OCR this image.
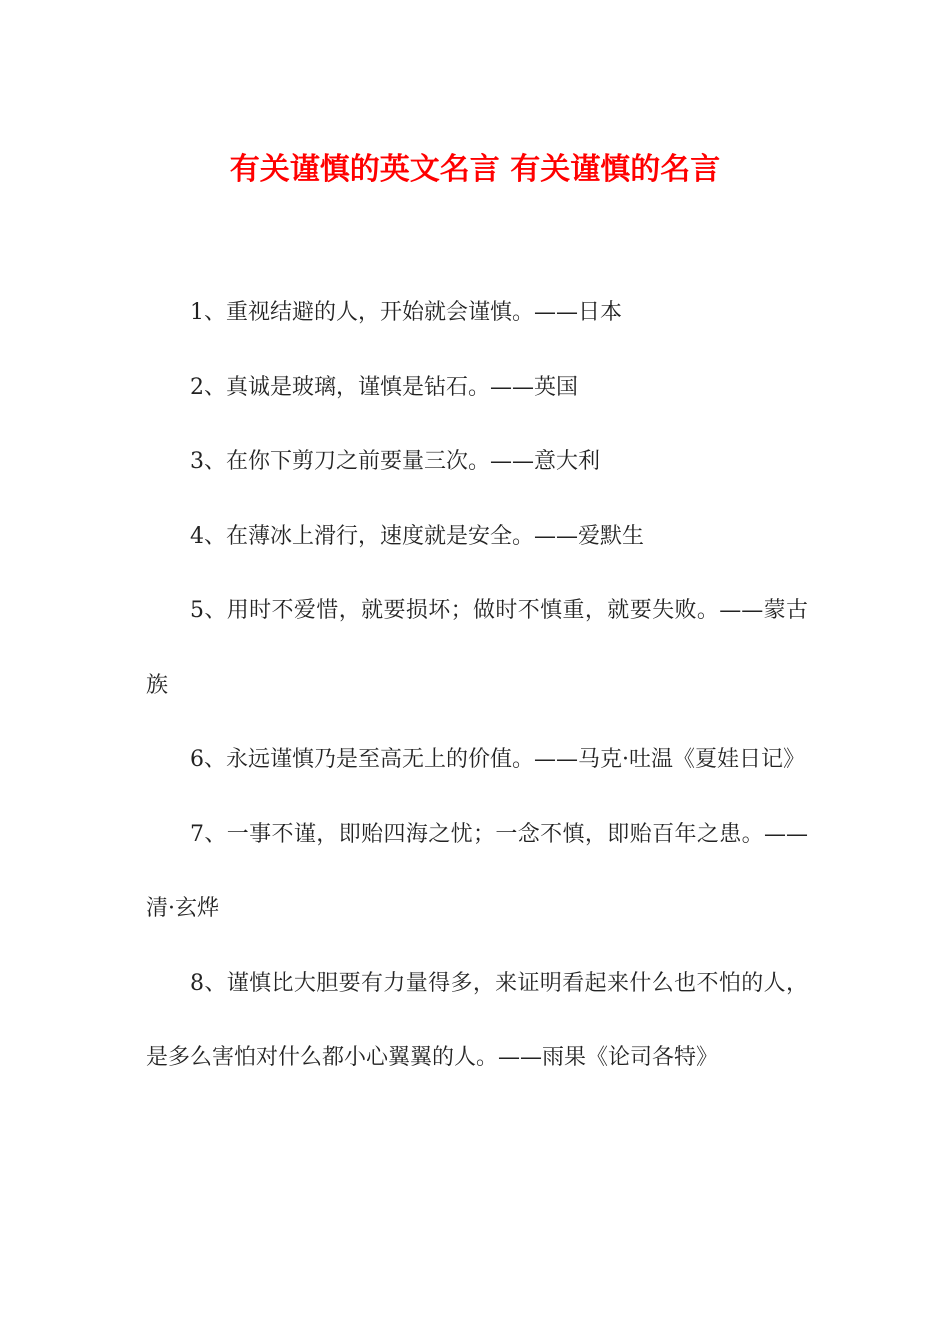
有关谨慎的英文名言 有关谨慎的名言

1、重视结避的人，开始就会谨慎。——日本

2、真诚是玻璃，谨慎是钻石。——英国

3、在你下剪刀之前要量三次。——意大利

4、在薄冰上滑行，速度就是安全。——爱默生

5、用时不爱惜，就要损坏；做时不慎重，就要失败。——蒙古族

6、永远谨慎乃是至高无上的价值。——马克·吐温《夏娃日记》

7、一事不谨，即贻四海之忧；一念不慎，即贻百年之患。——清·玄烨

8、谨慎比大胆要有力量得多，来证明看起来什么也不怕的人，是多么害怕对什么都小心翼翼的人。——雨果《论司各特》
